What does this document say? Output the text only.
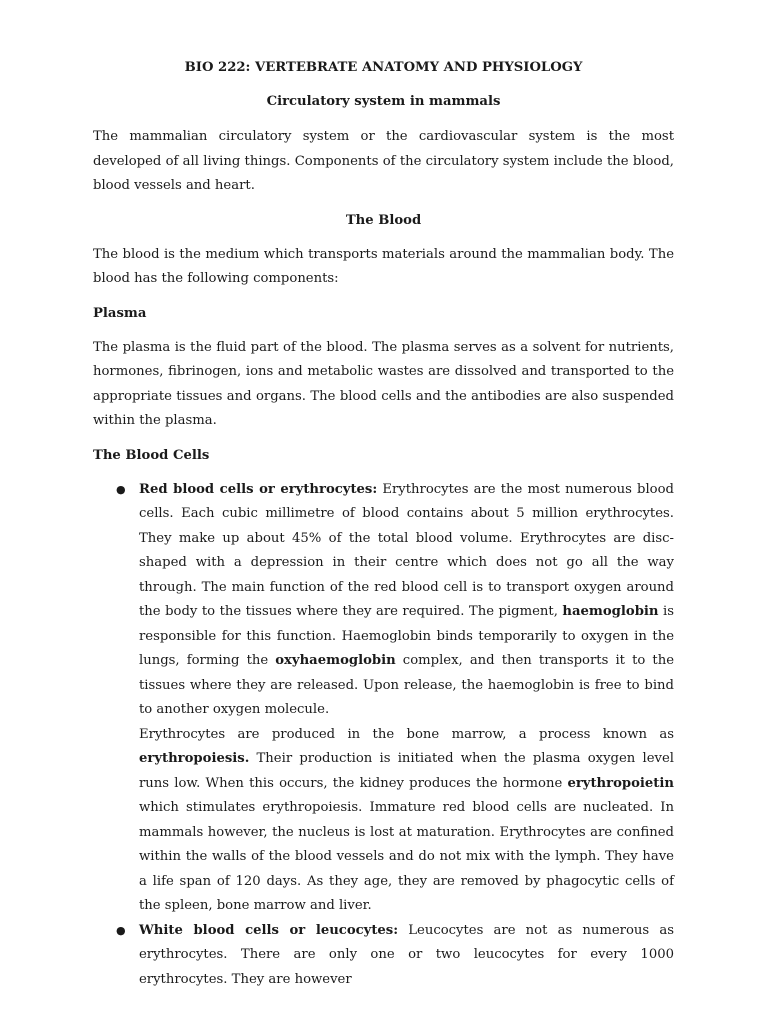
BIO 222: VERTEBRATE ANATOMY AND PHYSIOLOGY
Circulatory system in mammals

The mammalian circulatory system or the cardiovascular system is the most developed of all living things. Components of the circulatory system include the blood, blood vessels and heart.

The Blood

The blood is the medium which transports materials around the mammalian body. The blood has the following components:

Plasma

The plasma is the fluid part of the blood. The plasma serves as a solvent for nutrients, hormones, fibrinogen, ions and metabolic wastes are dissolved and transported to the appropriate tissues and organs. The blood cells and the antibodies are also suspended within the plasma.

The Blood Cells
● Red blood cells or erythrocytes: Erythrocytes are the most numerous blood cells. Each cubic millimetre of blood contains about 5 million erythrocytes. They make up about 45% of the total blood volume. Erythrocytes are disc-shaped with a depression in their centre which does not go all the way through. The main function of the red blood cell is to transport oxygen around the body to the tissues where they are required. The pigment, haemoglobin is responsible for this function. Haemoglobin binds temporarily to oxygen in the lungs, forming the oxyhaemoglobin complex, and then transports it to the tissues where they are released. Upon release, the haemoglobin is free to bind to another oxygen molecule.

Erythrocytes are produced in the bone marrow, a process known as erythropoiesis. Their production is initiated when the plasma oxygen level runs low. When this occurs, the kidney produces the hormone erythropoietin which stimulates erythropoiesis. Immature red blood cells are nucleated. In mammals however, the nucleus is lost at maturation. Erythrocytes are confined within the walls of the blood vessels and do not mix with the lymph. They have a life span of 120 days. As they age, they are removed by phagocytic cells of the spleen, bone marrow and liver.

● White blood cells or leucocytes: Leucocytes are not as numerous as erythrocytes. There are only one or two leucocytes for every 1000 erythrocytes. They are however
